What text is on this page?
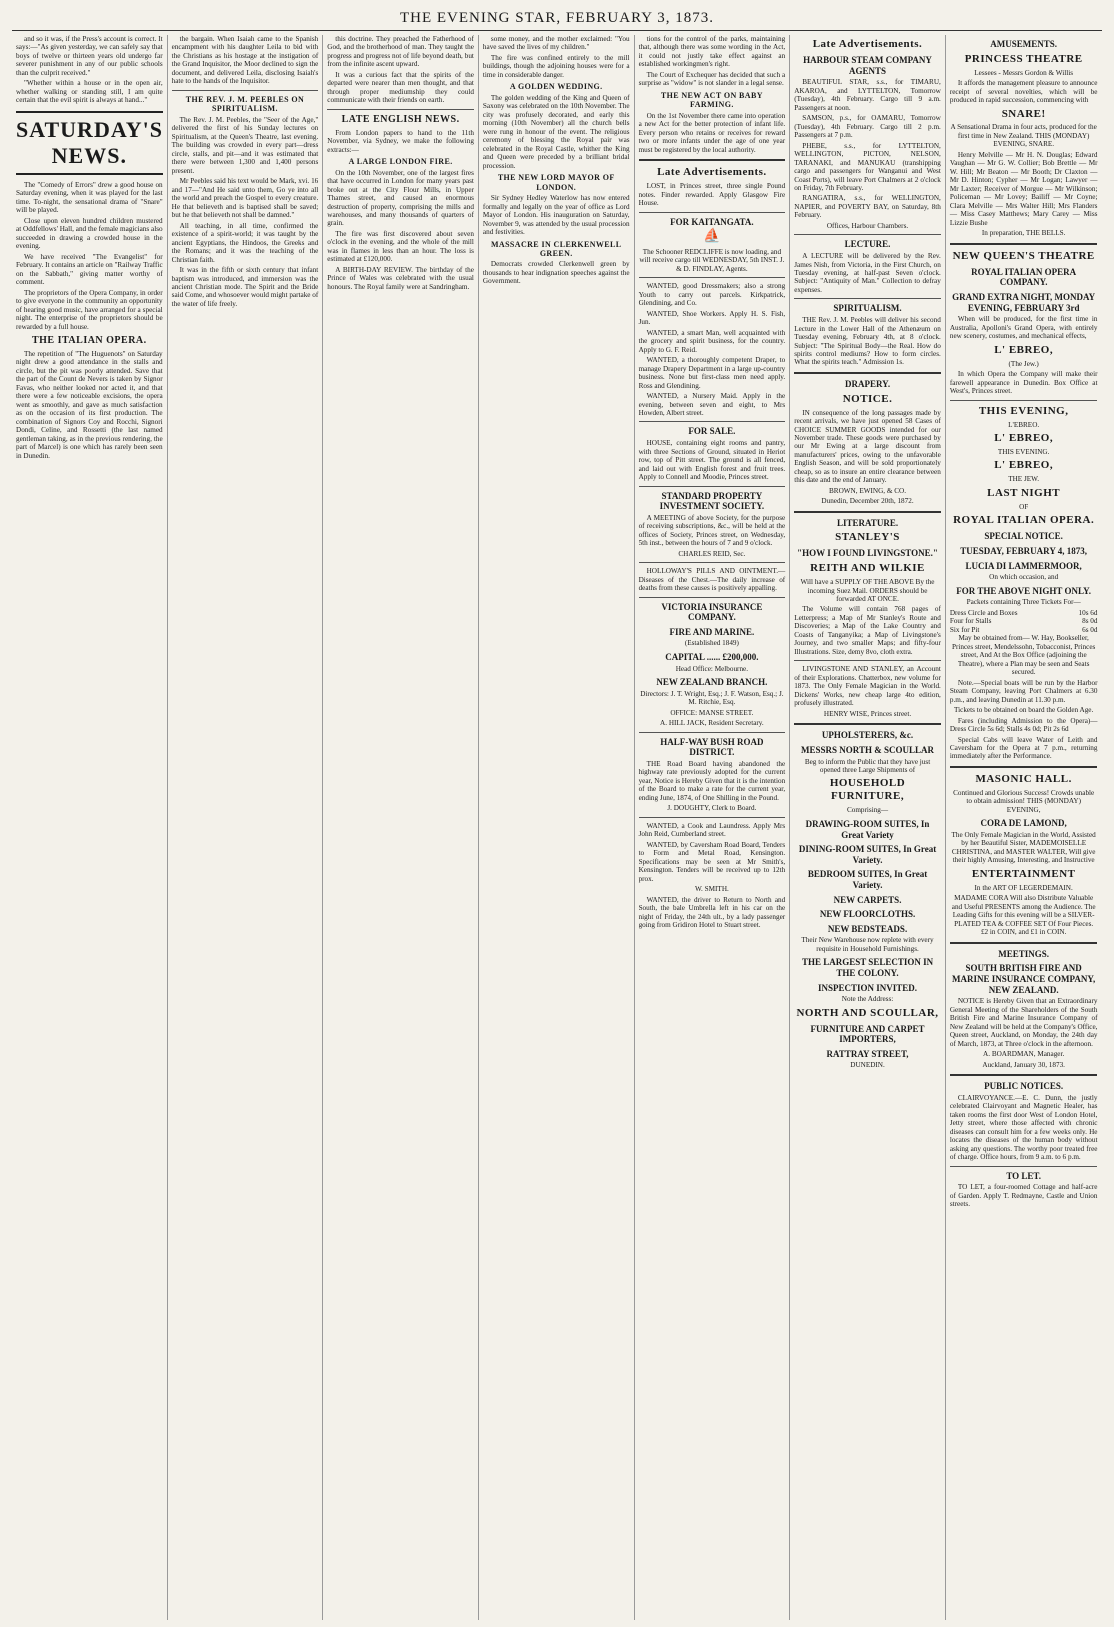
THE EVENING STAR, FEBRUARY 3, 1873.

and so it was, if the Press's account is correct. It says:—"As given yesterday, we can safely say that boys of twelve or thirteen years old undergo far severer punishment in any of our public schools than the culprit received."

"Whether within a house or in the open air, whether walking or standing still, I am quite certain that the evil spirit is always at hand..."

SATURDAY'S NEWS.

The "Comedy of Errors" drew a good house on Saturday evening, when it was played for the last time. To-night, the sensational drama of "Snare" will be played.

Close upon eleven hundred children mustered at Oddfellows' Hall, and the female magicians also succeeded in drawing a crowded house in the evening.

We have received "The Evangelist" for February. It contains an article on "Railway Traffic on the Sabbath," giving matter worthy of comment.

The proprietors of the Opera Company, in order to give everyone in the community an opportunity of hearing good music, have arranged for a special night. The enterprise of the proprietors should be rewarded by a full house.

THE ITALIAN OPERA.

The repetition of "The Huguenots" on Saturday night drew a good attendance in the stalls and circle, but the pit was poorly attended. Save that the part of the Count de Nevers is taken by Signor Favas, who neither looked nor acted it, and that there were a few noticeable excisions, the opera went as smoothly, and gave as much satisfaction as on the occasion of its first production. The combination of Signors Coy and Rocchi, Signori Dondi, Celine, and Rossetti (the last named gentleman taking, as in the previous rendering, the part of Marcel) is one which has rarely been seen in Dunedin.

the bargain. When Isaiah came to the Spanish encampment with his daughter Leila to bid with the Christians as his hostage at the instigation of the Grand Inquisitor, the Moor declined to sign the document, and delivered Leila, disclosing Isaiah's hate to the hands of the Inquisitor.

THE REV. J. M. PEEBLES ON SPIRITUALISM.

The Rev. J. M. Peebles, the "Seer of the Age," delivered the first of his Sunday lectures on Spiritualism, at the Queen's Theatre, last evening. The building was crowded in every part—dress circle, stalls, and pit—and it was estimated that there were between 1,300 and 1,400 persons present.

Mr Peebles said his text would be Mark, xvi. 16 and 17—"And He said unto them, Go ye into all the world and preach the Gospel to every creature. He that believeth and is baptised shall be saved; but he that believeth not shall be damned."

All teaching, in all time, confirmed the existence of a spirit-world; it was taught by the ancient Egyptians, the Hindoos, the Greeks and the Romans; and it was the teaching of the Christian faith.

It was in the fifth or sixth century that infant baptism was introduced, and immersion was the ancient Christian mode. The Spirit and the Bride said Come, and whosoever would might partake of the water of life freely.

this doctrine. They preached the Fatherhood of God, and the brotherhood of man. They taught the progress and progress not of life beyond death, but from the infinite ascent upward.

It was a curious fact that the spirits of the departed were nearer than men thought, and that through proper mediumship they could communicate with their friends on earth.

LATE ENGLISH NEWS.

From London papers to hand to the 11th November, via Sydney, we make the following extracts:—

A LARGE LONDON FIRE.

On the 10th November, one of the largest fires that have occurred in London for many years past broke out at the City Flour Mills, in Upper Thames street, and caused an enormous destruction of property, comprising the mills and warehouses, and many thousands of quarters of grain.

The fire was first discovered about seven o'clock in the evening, and the whole of the mill was in flames in less than an hour. The loss is estimated at £120,000.

A BIRTH-DAY REVIEW. The birthday of the Prince of Wales was celebrated with the usual honours. The Royal family were at Sandringham.

some money, and the mother exclaimed: "You have saved the lives of my children."

The fire was confined entirely to the mill buildings, though the adjoining houses were for a time in considerable danger.

A GOLDEN WEDDING.

The golden wedding of the King and Queen of Saxony was celebrated on the 10th November. The city was profusely decorated, and early this morning (10th November) all the church bells were rung in honour of the event. The religious ceremony of blessing the Royal pair was celebrated in the Royal Castle, whither the King and Queen were preceded by a brilliant bridal procession.

THE NEW LORD MAYOR OF LONDON.

Sir Sydney Hedley Waterlow has now entered formally and legally on the year of office as Lord Mayor of London. His inauguration on Saturday, November 9, was attended by the usual procession and festivities.

MASSACRE IN CLERKENWELL GREEN.

Democrats crowded Clerkenwell green by thousands to hear indignation speeches against the Government.

tions for the control of the parks, maintaining that, although there was some wording in the Act, it could not justly take effect against an established workingmen's right.

The Court of Exchequer has decided that such a surprise as "widow" is not slander in a legal sense.

THE NEW ACT ON BABY FARMING.

On the 1st November there came into operation a new Act for the better protection of infant life. Every person who retains or receives for reward two or more infants under the age of one year must be registered by the local authority.

Late Advertisements.

LOST, in Princes street, three single Pound notes. Finder rewarded. Apply Glasgow Fire House.

FOR KAITANGATA.
⛵

The Schooner REDCLIFFE is now loading, and will receive cargo till WEDNESDAY, 5th INST. J. & D. FINDLAY, Agents.

WANTED, good Dressmakers; also a strong Youth to carry out parcels. Kirkpatrick, Glendining, and Co.

WANTED, Shoe Workers. Apply H. S. Fish, Jun.

WANTED, a smart Man, well acquainted with the grocery and spirit business, for the country. Apply to G. F. Reid.

WANTED, a thoroughly competent Draper, to manage Drapery Department in a large up-country business. None but first-class men need apply. Ross and Glendining.

WANTED, a Nursery Maid. Apply in the evening, between seven and eight, to Mrs Howden, Albert street.

FOR SALE.

HOUSE, containing eight rooms and pantry, with three Sections of Ground, situated in Heriot row, top of Pitt street. The ground is all fenced, and laid out with English forest and fruit trees. Apply to Connell and Moodie, Princes street.

STANDARD PROPERTY INVESTMENT SOCIETY.

A MEETING of above Society, for the purpose of receiving subscriptions, &c., will be held at the offices of Society, Princes street, on Wednesday, 5th inst., between the hours of 7 and 9 o'clock.

CHARLES REID, Sec.

HOLLOWAY'S PILLS AND OINTMENT.—Diseases of the Chest.—The daily increase of deaths from these causes is positively appalling.

VICTORIA INSURANCE COMPANY.
FIRE AND MARINE.

(Established 1849)

CAPITAL ...... £200,000.

Head Office: Melbourne.

NEW ZEALAND BRANCH.

Directors: J. T. Wright, Esq.; J. F. Watson, Esq.; J. M. Ritchie, Esq.

OFFICE: MANSE STREET.

A. HILL JACK, Resident Secretary.

HALF-WAY BUSH ROAD DISTRICT.

THE Road Board having abandoned the highway rate previously adopted for the current year, Notice is Hereby Given that it is the intention of the Board to make a rate for the current year, ending June, 1874, of One Shilling in the Pound.

J. DOUGHTY, Clerk to Board.

WANTED, a Cook and Laundress. Apply Mrs John Reid, Cumberland street.

WANTED, by Caversham Road Board, Tenders to Form and Metal Road, Kensington. Specifications may be seen at Mr Smith's, Kensington. Tenders will be received up to 12th prox.

W. SMITH.

WANTED, the driver to Return to North and South, the bale Umbrella left in his car on the night of Friday, the 24th ult., by a lady passenger going from Gridiron Hotel to Stuart street.

Late Advertisements.
HARBOUR STEAM COMPANY AGENTS

BEAUTIFUL STAR, s.s., for TIMARU, AKAROA, and LYTTELTON, Tomorrow (Tuesday), 4th February. Cargo till 9 a.m. Passengers at noon.

SAMSON, p.s., for OAMARU, Tomorrow (Tuesday), 4th February. Cargo till 2 p.m. Passengers at 7 p.m.

PHEBE, s.s., for LYTTELTON, WELLINGTON, PICTON, NELSON, TARANAKI, and MANUKAU (transhipping cargo and passengers for Wanganui and West Coast Ports), will leave Port Chalmers at 2 o'clock on Friday, 7th February.

RANGATIRA, s.s., for WELLINGTON, NAPIER, and POVERTY BAY, on Saturday, 8th February.

Offices, Harbour Chambers.

LECTURE.

A LECTURE will be delivered by the Rev. James Nish, from Victoria, in the First Church, on Tuesday evening, at half-past Seven o'clock. Subject: "Antiquity of Man." Collection to defray expenses.

SPIRITUALISM.

THE Rev. J. M. Peebles will deliver his second Lecture in the Lower Hall of the Athenæum on Tuesday evening, February 4th, at 8 o'clock. Subject: "The Spiritual Body—the Real. How do spirits control mediums? How to form circles. What the spirits teach." Admission 1s.

DRAPERY.
NOTICE.

IN consequence of the long passages made by recent arrivals, we have just opened 58 Cases of CHOICE SUMMER GOODS intended for our November trade. These goods were purchased by our Mr Ewing at a large discount from manufacturers' prices, owing to the unfavorable English Season, and will be sold proportionately cheap, so as to insure an entire clearance between this date and the end of January.

BROWN, EWING, & CO.

Dunedin, December 20th, 1872.

LITERATURE.
STANLEY'S
"HOW I FOUND LIVINGSTONE."
REITH AND WILKIE

Will have a SUPPLY OF THE ABOVE By the incoming Suez Mail. ORDERS should be forwarded AT ONCE.

The Volume will contain 768 pages of Letterpress; a Map of Mr Stanley's Route and Discoveries; a Map of the Lake Country and Coasts of Tanganyika; a Map of Livingstone's Journey, and two smaller Maps; and fifty-four Illustrations. Size, demy 8vo, cloth extra.

LIVINGSTONE AND STANLEY, an Account of their Explorations. Chatterbox, new volume for 1873. The Only Female Magician in the World. Dickens' Works, new cheap large 4to edition, profusely illustrated.

HENRY WISE, Princes street.

UPHOLSTERERS, &c.
MESSRS NORTH & SCOULLAR

Beg to inform the Public that they have just opened three Large Shipments of

HOUSEHOLD FURNITURE,

Comprising—

DRAWING-ROOM SUITES, In Great Variety
DINING-ROOM SUITES, In Great Variety.
BEDROOM SUITES, In Great Variety.
NEW CARPETS.
NEW FLOORCLOTHS.
NEW BEDSTEADS.

Their New Warehouse now replete with every requisite in Household Furnishings.

THE LARGEST SELECTION IN THE COLONY.
INSPECTION INVITED.

Note the Address:

NORTH AND SCOULLAR,
FURNITURE AND CARPET IMPORTERS,
RATTRAY STREET,

DUNEDIN.

AMUSEMENTS.
PRINCESS THEATRE

Lessees - Messrs Gordon & Willis

It affords the management pleasure to announce receipt of several novelties, which will be produced in rapid succession, commencing with

SNARE!

A Sensational Drama in four acts, produced for the first time in New Zealand. THIS (MONDAY) EVENING, SNARE.

Henry Melville — Mr H. N. Douglas; Edward Vaughan — Mr G. W. Collier; Bob Brettle — Mr W. Hill; Mr Beaton — Mr Booth; Dr Claxton — Mr D. Hinton; Cypher — Mr Logan; Lawyer — Mr Laxter; Receiver of Morgue — Mr Wilkinson; Policeman — Mr Lovey; Bailiff — Mr Coyne; Clara Melville — Mrs Walter Hill; Mrs Flanders — Miss Casey Matthews; Mary Carey — Miss Lizzie Bushe

In preparation, THE BELLS.

NEW QUEEN'S THEATRE
ROYAL ITALIAN OPERA COMPANY.
GRAND EXTRA NIGHT, MONDAY EVENING, FEBRUARY 3rd

When will be produced, for the first time in Australia, Apolloni's Grand Opera, with entirely new scenery, costumes, and mechanical effects,

L' EBREO,

(The Jew.)

In which Opera the Company will make their farewell appearance in Dunedin. Box Office at West's, Princes street.

THIS EVENING,

L'EBREO.

L' EBREO,

THIS EVENING.

L' EBREO,

THE JEW.

LAST NIGHT

OF

ROYAL ITALIAN OPERA.
SPECIAL NOTICE.
TUESDAY, FEBRUARY 4, 1873,
LUCIA DI LAMMERMOOR,

On which occasion, and

FOR THE ABOVE NIGHT ONLY.

Packets containing Three Tickets For—

Dress Circle and Boxes	10s 6d
Four for Stalls	8s 0d
Six for Pit	6s 0d

May be obtained from— W. Hay, Bookseller, Princes street, Mendelssohn, Tobacconist, Princes street, And At the Box Office (adjoining the Theatre), where a Plan may be seen and Seats secured.

Note.—Special boats will be run by the Harbor Steam Company, leaving Port Chalmers at 6.30 p.m., and leaving Dunedin at 11.30 p.m.

Tickets to be obtained on board the Golden Age.

Fares (including Admission to the Opera)— Dress Circle 5s 6d; Stalls 4s 0d; Pit 2s 6d

Special Cabs will leave Water of Leith and Caversham for the Opera at 7 p.m., returning immediately after the Performance.

MASONIC HALL.

Continued and Glorious Success! Crowds unable to obtain admission! THIS (MONDAY) EVENING,

CORA DE LAMOND,

The Only Female Magician in the World, Assisted by her Beautiful Sister, MADEMOISELLE CHRISTINA, and MASTER WALTER, Will give their highly Amusing, Interesting, and Instructive

ENTERTAINMENT

In the ART OF LEGERDEMAIN.

MADAME CORA Will also Distribute Valuable and Useful PRESENTS among the Audience. The Leading Gifts for this evening will be a SILVER-PLATED TEA & COFFEE SET Of Four Pieces. £2 in COIN, and £1 in COIN.

MEETINGS.
SOUTH BRITISH FIRE AND MARINE INSURANCE COMPANY, NEW ZEALAND.

NOTICE is Hereby Given that an Extraordinary General Meeting of the Shareholders of the South British Fire and Marine Insurance Company of New Zealand will be held at the Company's Office, Queen street, Auckland, on Monday, the 24th day of March, 1873, at Three o'clock in the afternoon.

A. BOARDMAN, Manager.

Auckland, January 30, 1873.

PUBLIC NOTICES.

CLAIRVOYANCE.—E. C. Dunn, the justly celebrated Clairvoyant and Magnetic Healer, has taken rooms the first door West of London Hotel, Jetty street, where those affected with chronic diseases can consult him for a few weeks only. He locates the diseases of the human body without asking any questions. The worthy poor treated free of charge. Office hours, from 9 a.m. to 6 p.m.

TO LET.

TO LET, a four-roomed Cottage and half-acre of Garden. Apply T. Redmayne, Castle and Union streets.
